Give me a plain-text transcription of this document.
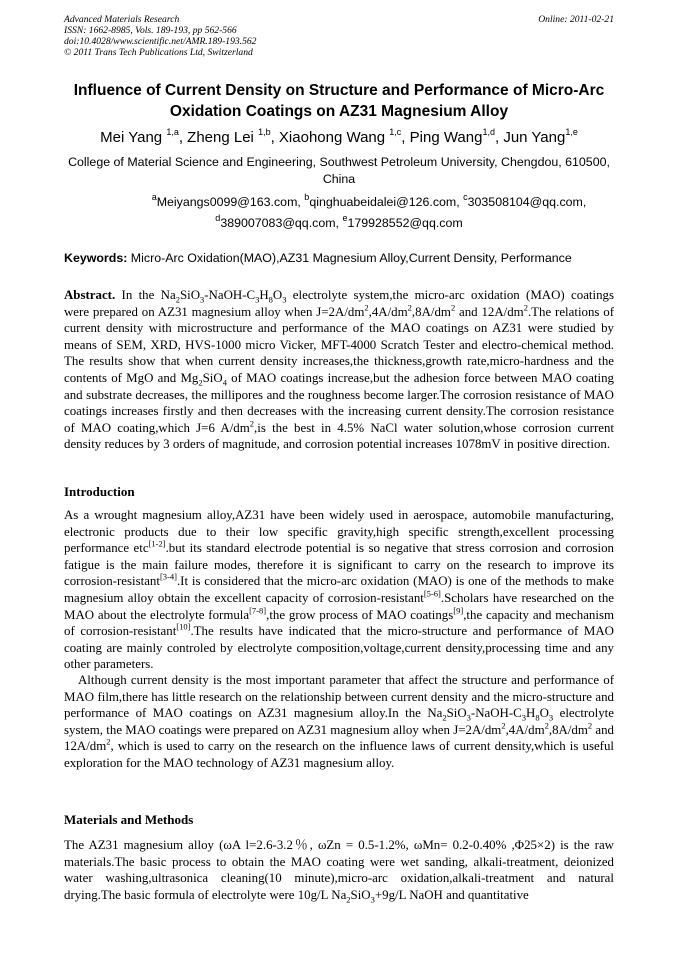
Advanced Materials Research
ISSN: 1662-8985, Vols. 189-193, pp 562-566
doi:10.4028/www.scientific.net/AMR.189-193.562
© 2011 Trans Tech Publications Ltd, Switzerland
Online: 2011-02-21
Influence of Current Density on Structure and Performance of Micro-Arc
Oxidation Coatings on AZ31 Magnesium Alloy
Mei Yang $^{1,a}$, Zheng Lei $^{1,b}$, Xiaohong Wang $^{1,c}$, Ping Wang$^{1,d}$, Jun Yang$^{1,e}$
College of Material Science and Engineering, Southwest Petroleum University, Chengdou, 610500,
China
$^a$Meiyangs0099@163.com, $^b$qinghuabeidalei@126.com, $^c$303508104@qq.com,
$^d$389007083@qq.com, $^e$179928552@qq.com
Keywords: Micro-Arc Oxidation(MAO),AZ31 Magnesium Alloy,Current Density, Performance

Abstract. In the $Na_2SiO_3-NaOH-C_3H_8O_3$ electrolyte system,the micro-arc oxidation (MAO) coatings were prepared on AZ31 magnesium alloy when $J=2A/dm^2,4A/dm^2,8A/dm^2$ and $12A/dm^2.The$ relations of current density with microstructure and performance of the MAO coatings on AZ31 were studied by means of SEM, XRD, HVS-1000 micro Vicker, MFT-4000 Scratch Tester and electro-chemical method. The results show that when current density increases,the thickness,growth rate,micro-hardness and the contents of MgO and $Mg_2SiO_4$ of MAO coatings increase,but the adhesion force between MAO coating and substrate decreases, the millipores and the roughness become larger.The corrosion resistance of MAO coatings increases firstly and then decreases with the increasing current density.The corrosion resistance of MAO coating,which J=6 $A/dm^2,is$ the best in 4.5% NaCl water solution,whose corrosion current density reduces by 3 orders of magnitude, and corrosion potential increases 1078mV in positive direction.

Introduction

As a wrought magnesium alloy,AZ31 have been widely used in aerospace, automobile manufacturing, electronic products due to their low specific gravity,high specific strength,excellent processing performance etc[1-2].but its standard electrode potential is so negative that stress corrosion and corrosion fatigue is the main failure modes, therefore it is significant to carry on the research to improve its corrosion-resistant[3-4].It is considered that the micro-arc oxidation (MAO) is one of the methods to make magnesium alloy obtain the excellent capacity of corrosion-resistant[5-6].Scholars have researched on the MAO about the electrolyte formula[7-8],the grow process of MAO coatings[9],the capacity and mechanism of corrosion-resistant[10].The results have indicated that the micro-structure and performance of MAO coating are mainly controled by electrolyte composition,voltage,current density,processing time and any other parameters.

Although current density is the most important parameter that affect the structure and performance of MAO film,there has little research on the relationship between current density and the micro-structure and performance of MAO coatings on AZ31 magnesium alloy.In the $Na_2SiO_3-NaOH-C_3H_8O_3$ electrolyte system, the MAO coatings were prepared on AZ31 magnesium alloy when $J=2A/dm^2,4A/dm^2,8A/dm^2$ and $12A/dm^2$, which is used to carry on the research on the influence laws of current density,which is useful exploration for the MAO technology of AZ31 magnesium alloy.

Materials and Methods

The AZ31 magnesium alloy (ωA l=2.6-3.2％, ωZn = 0.5-1.2%, ωMn= 0.2-0.40% ,Φ25×2) is the raw materials.The basic process to obtain the MAO coating were wet sanding, alkali-treatment, deionized water washing,ultrasonica cleaning(10 minute),micro-arc oxidation,alkali-treatment and natural drying.The basic formula of electrolyte were 10g/L $Na_2SiO_3+9g/L$ NaOH and quantitative
